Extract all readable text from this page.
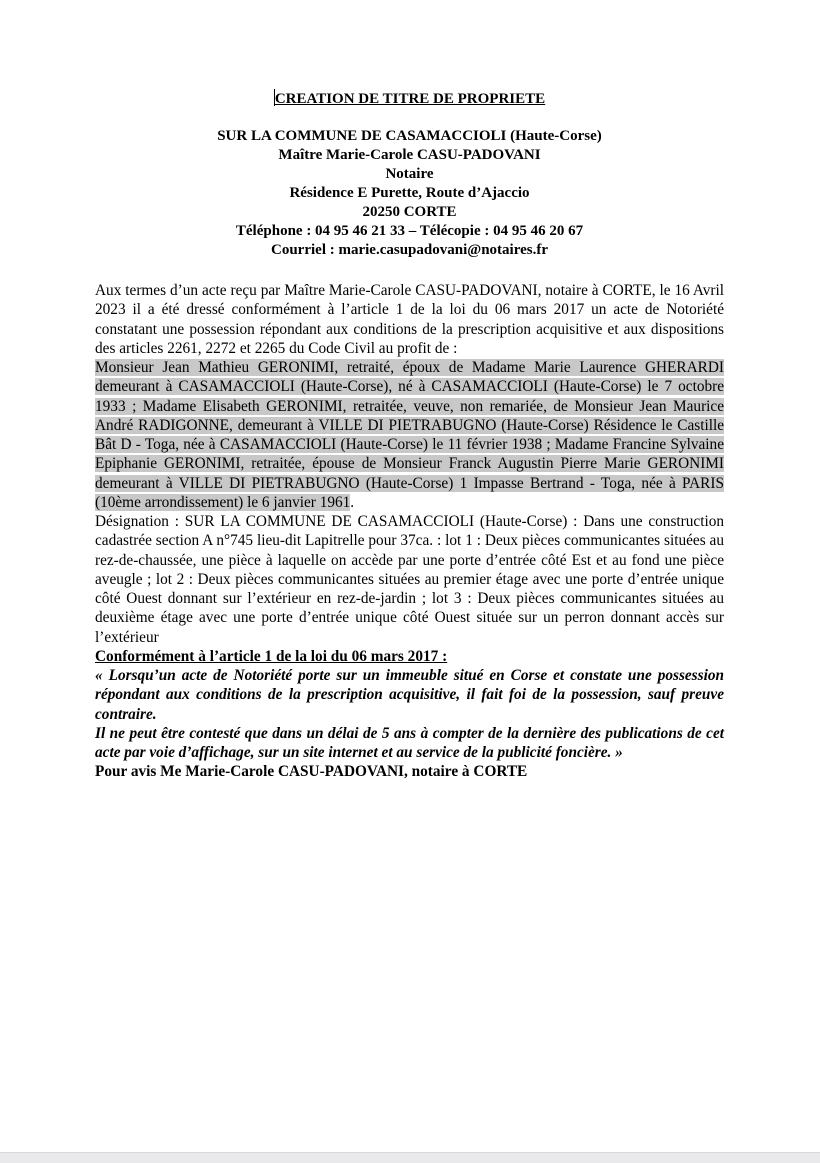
CREATION DE TITRE DE PROPRIETE
SUR LA COMMUNE DE CASAMACCIOLI (Haute-Corse)
Maître Marie-Carole CASU-PADOVANI
Notaire
Résidence E Purette, Route d’Ajaccio
20250 CORTE
Téléphone : 04 95 46 21 33 – Télécopie : 04 95 46 20 67
Courriel : marie.casupadovani@notaires.fr

Aux termes d’un acte reçu par Maître Marie-Carole CASU-PADOVANI, notaire à CORTE, le 16 Avril 2023 il a été dressé conformément à l’article 1 de la loi du 06 mars 2017 un acte de Notoriété constatant une possession répondant aux conditions de la prescription acquisitive et aux dispositions des articles 2261, 2272 et 2265 du Code Civil au profit de :

Monsieur Jean Mathieu GERONIMI, retraité, époux de Madame Marie Laurence GHERARDI demeurant à CASAMACCIOLI (Haute-Corse), né à CASAMACCIOLI (Haute-Corse) le 7 octobre 1933 ; Madame Elisabeth GERONIMI, retraitée, veuve, non remariée, de Monsieur Jean Maurice André RADIGONNE, demeurant à VILLE DI PIETRABUGNO (Haute-Corse) Résidence le Castille Bât D - Toga, née à CASAMACCIOLI (Haute-Corse) le 11 février 1938 ; Madame Francine Sylvaine Epiphanie GERONIMI, retraitée, épouse de Monsieur Franck Augustin Pierre Marie GERONIMI demeurant à VILLE DI PIETRABUGNO (Haute-Corse) 1 Impasse Bertrand - Toga, née à PARIS (10ème arrondissement) le 6 janvier 1961.

Désignation : SUR LA COMMUNE DE CASAMACCIOLI (Haute-Corse) : Dans une construction cadastrée section A n°745 lieu-dit Lapitrelle pour 37ca. : lot 1 : Deux pièces communicantes situées au rez-de-chaussée, une pièce à laquelle on accède par une porte d’entrée côté Est et au fond une pièce aveugle ; lot 2 : Deux pièces communicantes situées au premier étage avec une porte d’entrée unique côté Ouest donnant sur l’extérieur en rez-de-jardin ; lot 3 : Deux pièces communicantes situées au deuxième étage avec une porte d’entrée unique côté Ouest située sur un perron donnant accès sur l’extérieur

Conformément à l’article 1 de la loi du 06 mars 2017 :

« Lorsqu’un acte de Notoriété porte sur un immeuble situé en Corse et constate une possession répondant aux conditions de la prescription acquisitive, il fait foi de la possession, sauf preuve contraire.

Il ne peut être contesté que dans un délai de 5 ans à compter de la dernière des publications de cet acte par voie d’affichage, sur un site internet et au service de la publicité foncière. »

Pour avis Me Marie-Carole CASU-PADOVANI, notaire à CORTE
